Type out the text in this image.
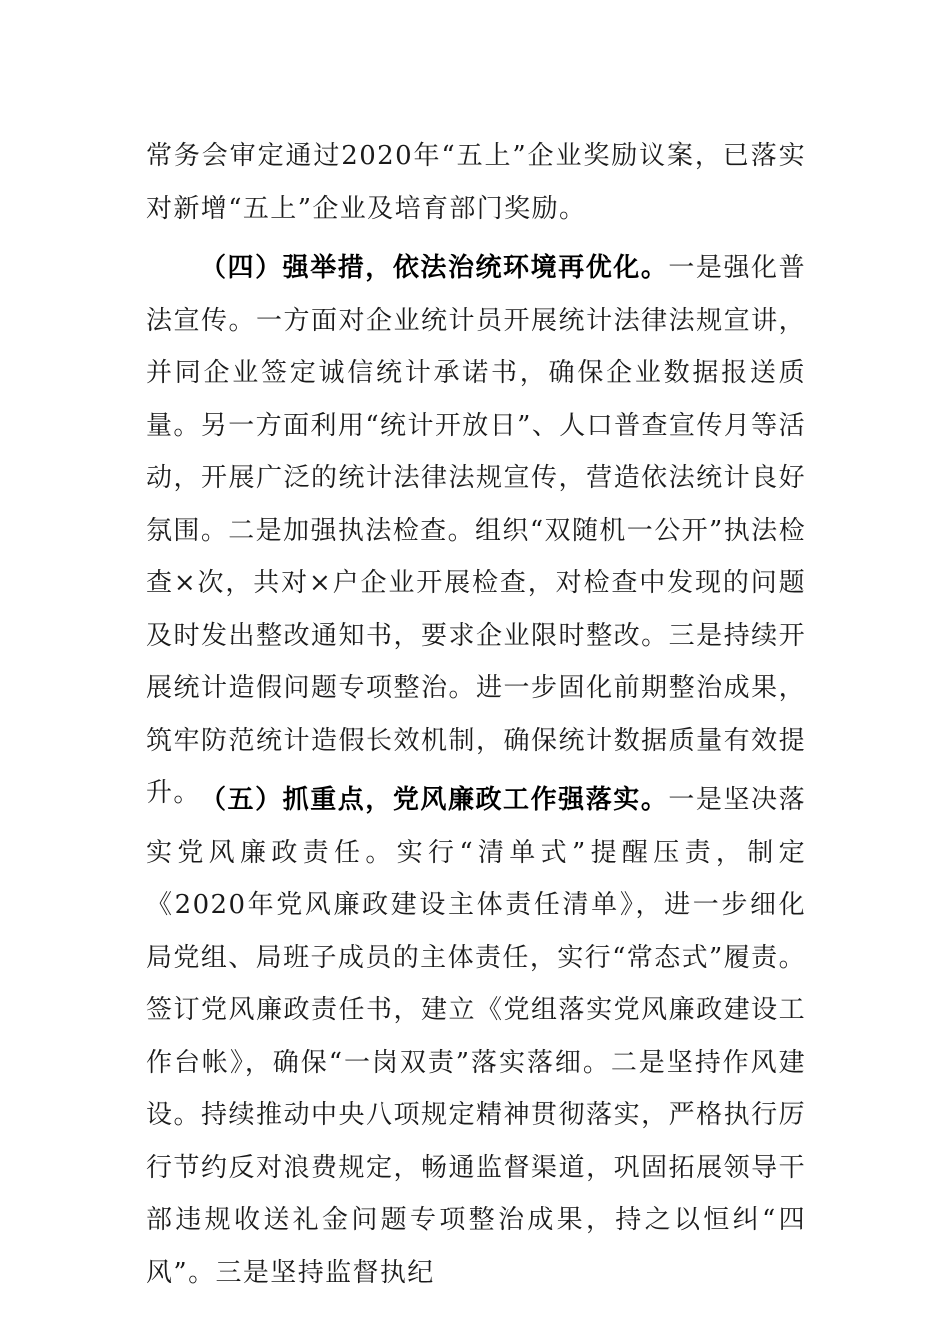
常务会审定通过2020年“五上”企业奖励议案，已落实对新增“五上”企业及培育部门奖励。

（四）强举措，依法治统环境再优化。一是强化普法宣传。一方面对企业统计员开展统计法律法规宣讲，并同企业签定诚信统计承诺书，确保企业数据报送质量。另一方面利用“统计开放日”、人口普查宣传月等活动，开展广泛的统计法律法规宣传，营造依法统计良好氛围。二是加强执法检查。组织“双随机一公开”执法检查×次，共对×户企业开展检查，对检查中发现的问题及时发出整改通知书，要求企业限时整改。三是持续开展统计造假问题专项整治。进一步固化前期整治成果，筑牢防范统计造假长效机制，确保统计数据质量有效提升。 （五）抓重点，党风廉政工作强落实。一是坚决落实党风廉政责任。实行“清单式”提醒压责，制定《2020年党风廉政建设主体责任清单》，进一步细化局党组、局班子成员的主体责任，实行“常态式”履责。签订党风廉政责任书，建立《党组落实党风廉政建设工作台帐》，确保“一岗双责”落实落细。二是坚持作风建设。持续推动中央八项规定精神贯彻落实，严格执行厉行节约反对浪费规定，畅通监督渠道，巩固拓展领导干部违规收送礼金问题专项整治成果，持之以恒纠“四风”。三是坚持监督执纪
